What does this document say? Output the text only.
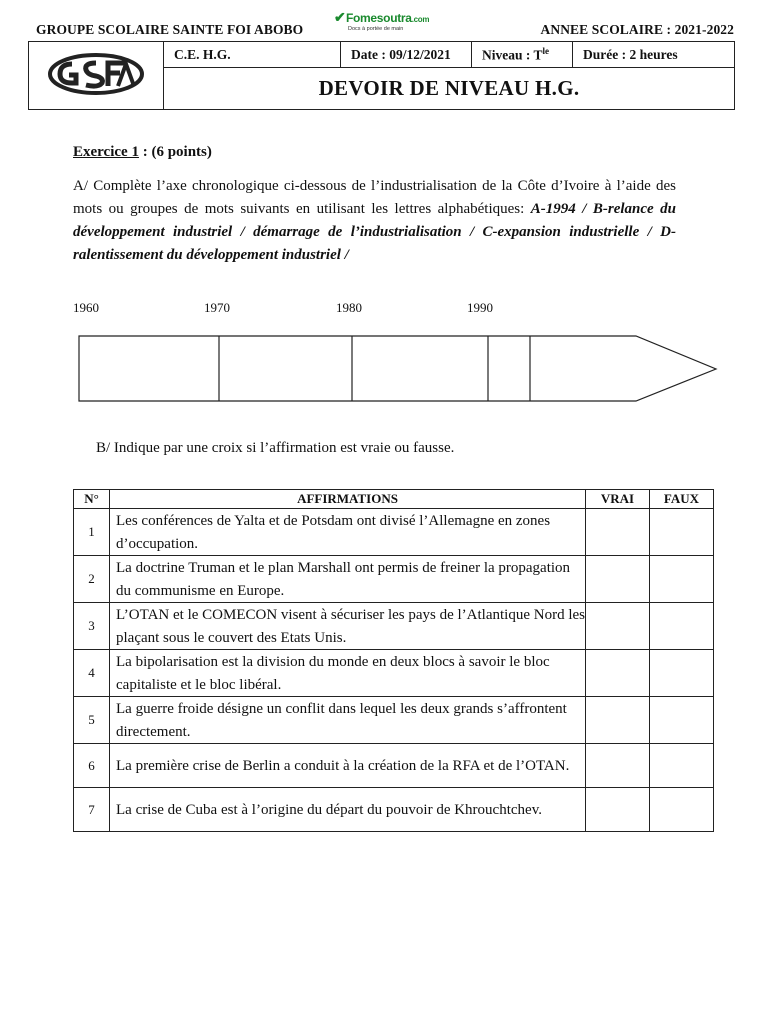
GROUPE SCOLAIRE SAINTE FOI ABOBO	ANNEE SCOLAIRE : 2021-2022
✔ Fomesoutra.com
Docs à portée de main
	C.E. H.G.	Date : 09/12/2021	Niveau : $T^{le}$	Durée : 2 heures
DEVOIR DE NIVEAU H.G.
Exercice 1 : (6 points)
A/ Complète l’axe chronologique ci-dessous de l’industrialisation de la Côte d’Ivoire à l’aide des mots ou groupes de mots suivants en utilisant les lettres alphabétiques: A-1994 / B-relance du développement industriel / démarrage de l’industrialisation / C-expansion industrielle / D-ralentissement du développement industriel /
1960	1970	1980	1990
B/ Indique par une croix si l’affirmation est vraie ou fausse.
N°	AFFIRMATIONS	VRAI	FAUX
1	Les conférences de Yalta et de Potsdam ont divisé l’Allemagne en zones d’occupation.		
2	La doctrine Truman et le plan Marshall ont permis de freiner la propagation du communisme en Europe.		
3	L’OTAN et le COMECON visent à sécuriser les pays de l’Atlantique Nord les plaçant sous le couvert des Etats Unis.		
4	La bipolarisation est la division du monde en deux blocs à savoir le bloc capitaliste et le bloc libéral.		
5	La guerre froide désigne un conflit dans lequel les deux grands s’affrontent directement.		
6	La première crise de Berlin a conduit à la création de la RFA et de l’OTAN.		
7	La crise de Cuba est à l’origine du départ du pouvoir de Khrouchtchev.		
